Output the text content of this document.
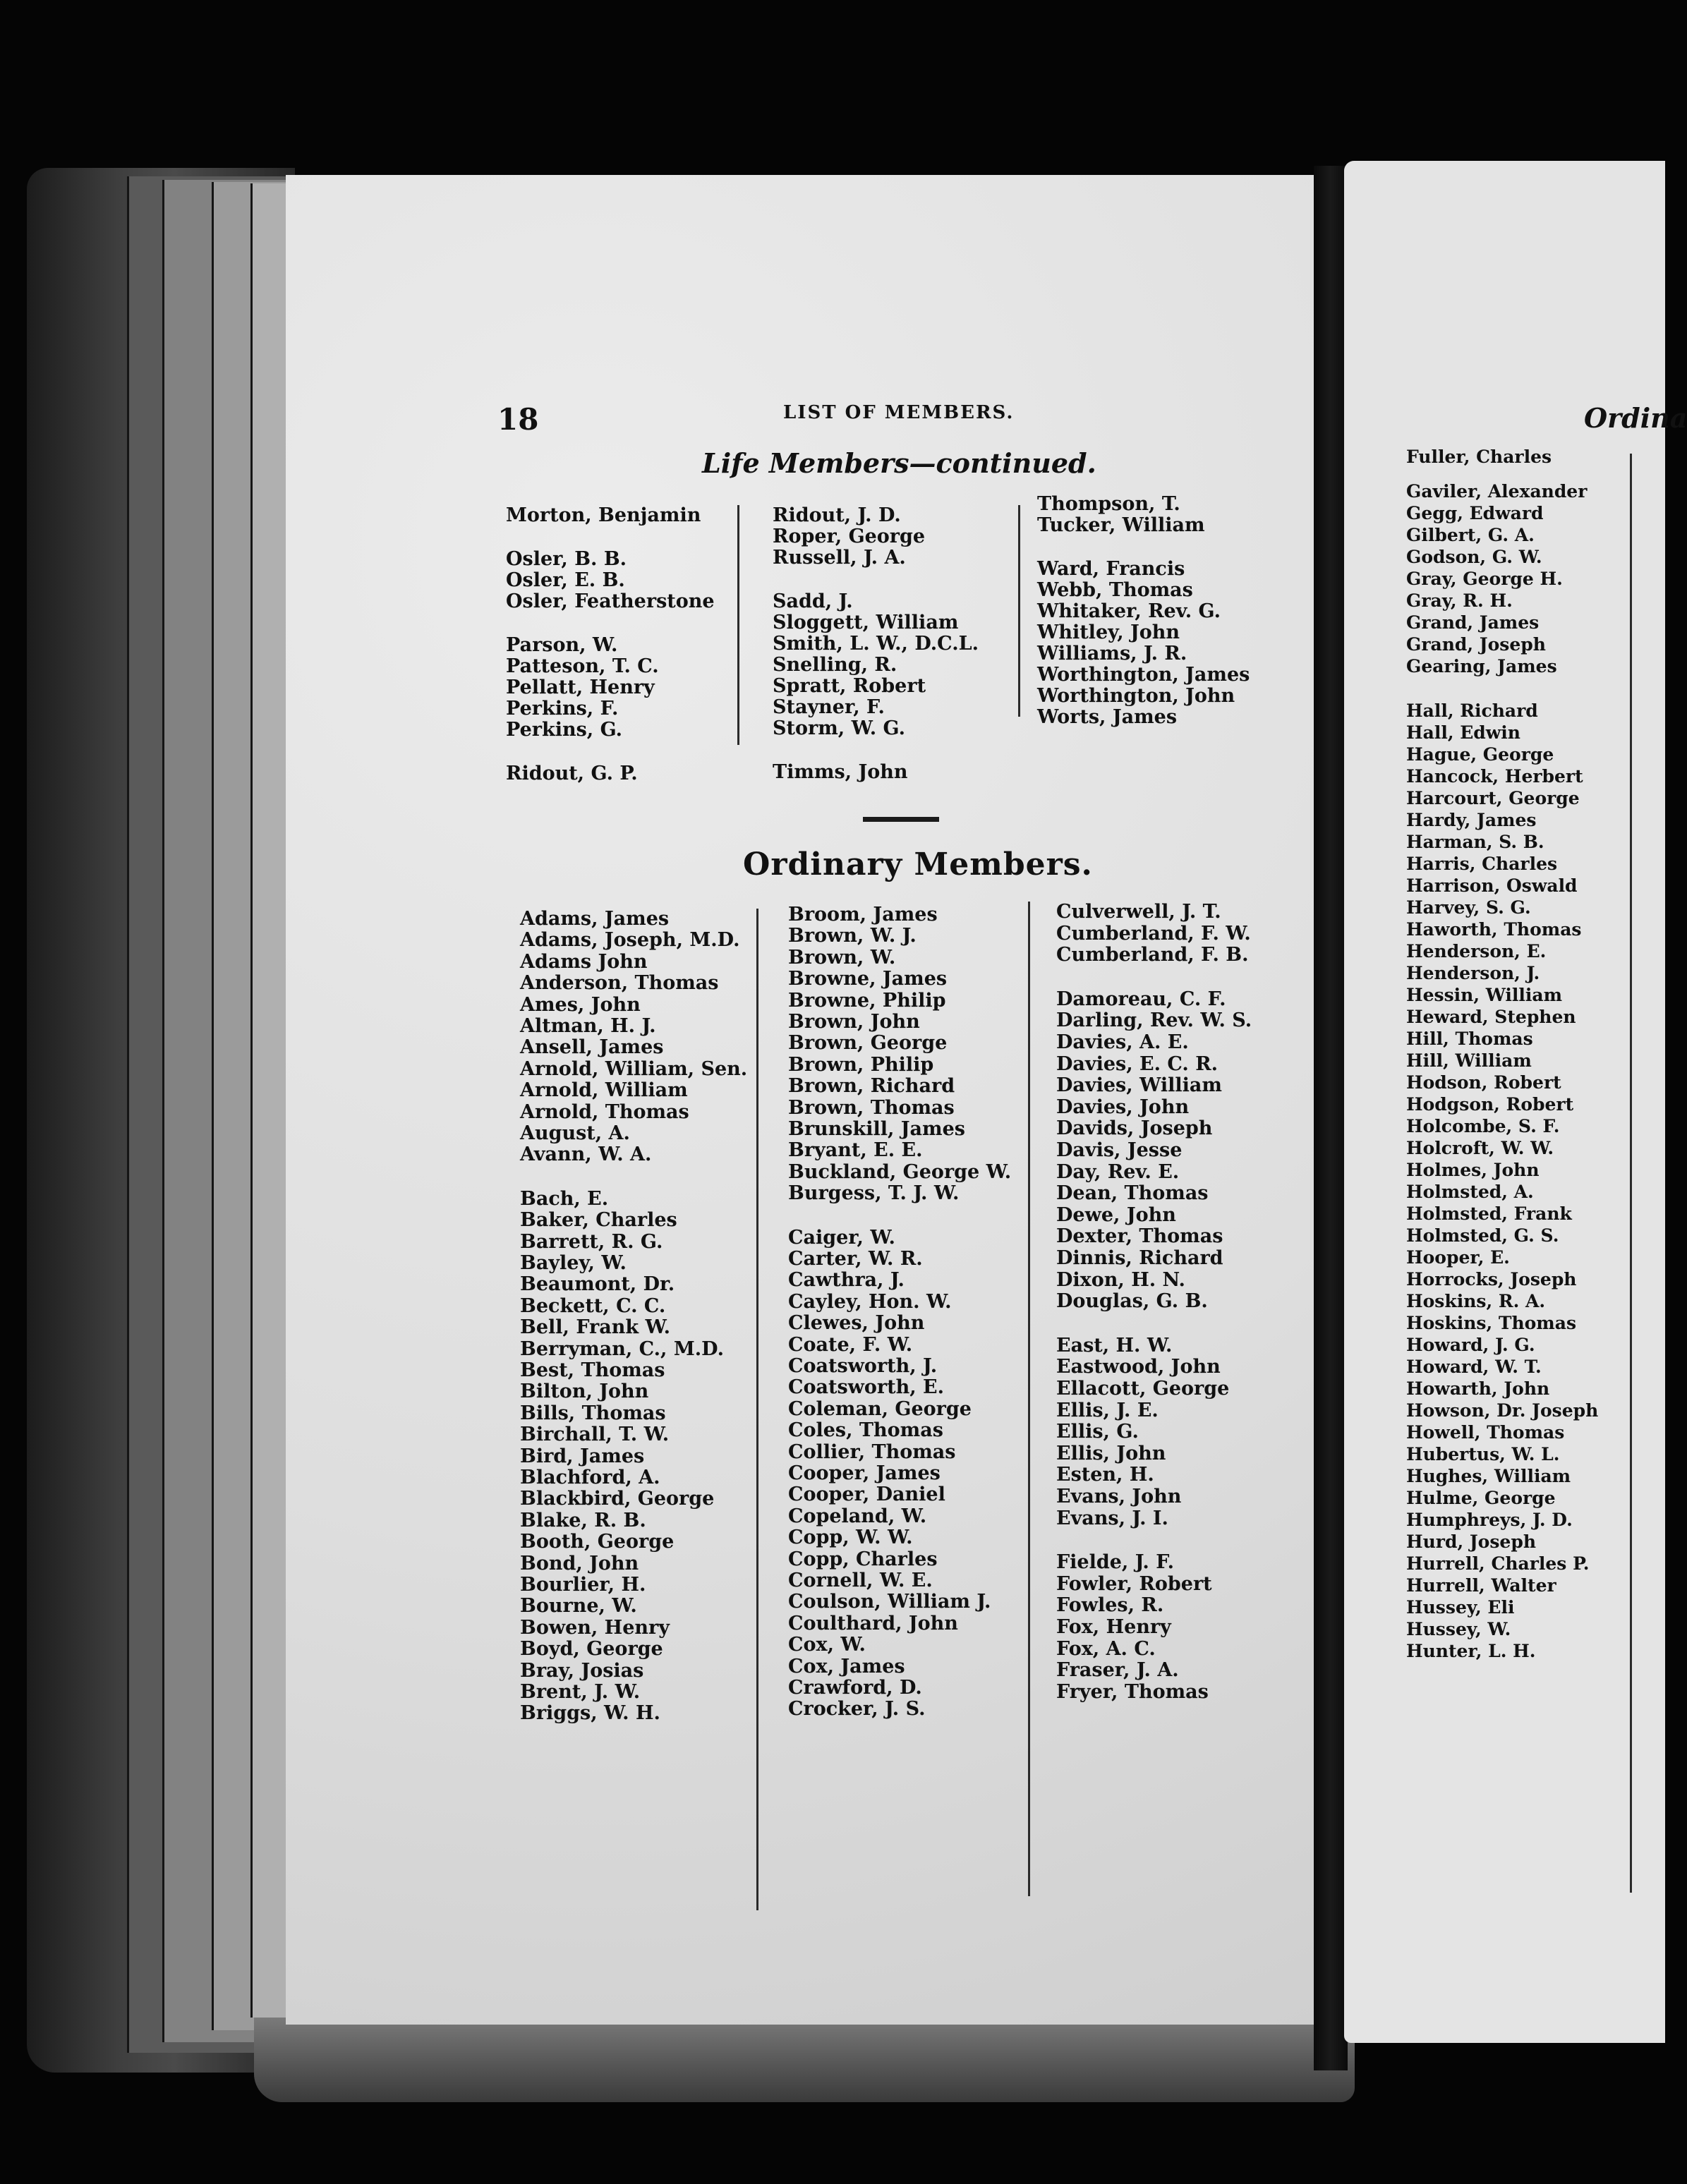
18	LIST OF MEMBERS.
Life Members—continued.
Morton, Benjamin
Osler, B. B.
Osler, E. B.
Osler, Featherstone
Parson, W.
Patteson, T. C.
Pellatt, Henry
Perkins, F.
Perkins, G.
Ridout, G. P.
Ridout, J. D.
Roper, George
Russell, J. A.
Sadd, J.
Sloggett, William
Smith, L. W., D.C.L.
Snelling, R.
Spratt, Robert
Stayner, F.
Storm, W. G.
Timms, John
Thompson, T.
Tucker, William
Ward, Francis
Webb, Thomas
Whitaker, Rev. G.
Whitley, John
Williams, J. R.
Worthington, James
Worthington, John
Worts, James
Ordinary Members.
Adams, James
Adams, Joseph, M.D.
Adams John
Anderson, Thomas
Ames, John
Altman, H. J.
Ansell, James
Arnold, William, Sen.
Arnold, William
Arnold, Thomas
August, A.
Avann, W. A.
Bach, E.
Baker, Charles
Barrett, R. G.
Bayley, W.
Beaumont, Dr.
Beckett, C. C.
Bell, Frank W.
Berryman, C., M.D.
Best, Thomas
Bilton, John
Bills, Thomas
Birchall, T. W.
Bird, James
Blachford, A.
Blackbird, George
Blake, R. B.
Booth, George
Bond, John
Bourlier, H.
Bourne, W.
Bowen, Henry
Boyd, George
Bray, Josias
Brent, J. W.
Briggs, W. H.
Broom, James
Brown, W. J.
Brown, W.
Browne, James
Browne, Philip
Brown, John
Brown, George
Brown, Philip
Brown, Richard
Brown, Thomas
Brunskill, James
Bryant, E. E.
Buckland, George W.
Burgess, T. J. W.
Caiger, W.
Carter, W. R.
Cawthra, J.
Cayley, Hon. W.
Clewes, John
Coate, F. W.
Coatsworth, J.
Coatsworth, E.
Coleman, George
Coles, Thomas
Collier, Thomas
Cooper, James
Cooper, Daniel
Copeland, W.
Copp, W. W.
Copp, Charles
Cornell, W. E.
Coulson, William J.
Coulthard, John
Cox, W.
Cox, James
Crawford, D.
Crocker, J. S.
Culverwell, J. T.
Cumberland, F. W.
Cumberland, F. B.
Damoreau, C. F.
Darling, Rev. W. S.
Davies, A. E.
Davies, E. C. R.
Davies, William
Davies, John
Davids, Joseph
Davis, Jesse
Day, Rev. E.
Dean, Thomas
Dewe, John
Dexter, Thomas
Dinnis, Richard
Dixon, H. N.
Douglas, G. B.
East, H. W.
Eastwood, John
Ellacott, George
Ellis, J. E.
Ellis, G.
Ellis, John
Esten, H.
Evans, John
Evans, J. I.
Fielde, J. F.
Fowler, Robert
Fowles, R.
Fox, Henry
Fox, A. C.
Fraser, J. A.
Fryer, Thomas
Ordina
Fuller, Charles
Gaviler, Alexander
Gegg, Edward
Gilbert, G. A.
Godson, G. W.
Gray, George H.
Gray, R. H.
Grand, James
Grand, Joseph
Gearing, James
Hall, Richard
Hall, Edwin
Hague, George
Hancock, Herbert
Harcourt, George
Hardy, James
Harman, S. B.
Harris, Charles
Harrison, Oswald
Harvey, S. G.
Haworth, Thomas
Henderson, E.
Henderson, J.
Hessin, William
Heward, Stephen
Hill, Thomas
Hill, William
Hodson, Robert
Hodgson, Robert
Holcombe, S. F.
Holcroft, W. W.
Holmes, John
Holmsted, A.
Holmsted, Frank
Holmsted, G. S.
Hooper, E.
Horrocks, Joseph
Hoskins, R. A.
Hoskins, Thomas
Howard, J. G.
Howard, W. T.
Howarth, John
Howson, Dr. Joseph
Howell, Thomas
Hubertus, W. L.
Hughes, William
Hulme, George
Humphreys, J. D.
Hurd, Joseph
Hurrell, Charles P.
Hurrell, Walter
Hussey, Eli
Hussey, W.
Hunter, L. H.
